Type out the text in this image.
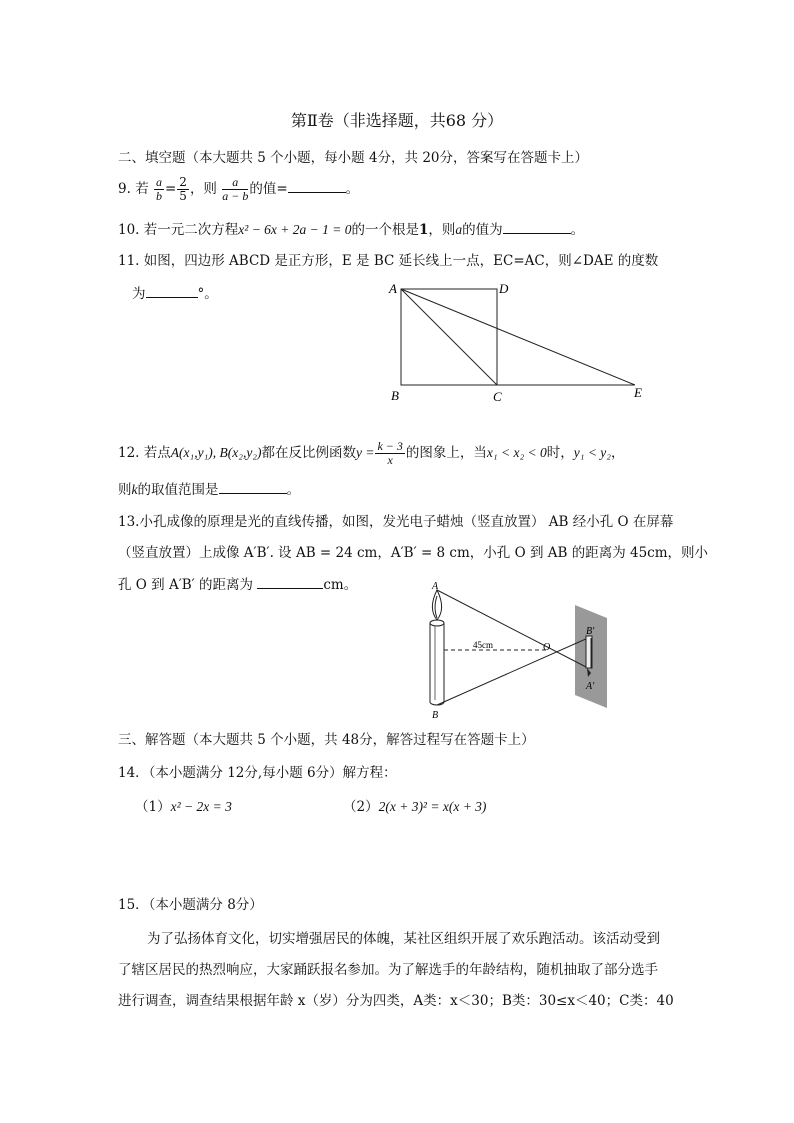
第Ⅱ卷（非选择题，共68 分）
二、填空题（本大题共 5 个小题，每小题 4分，共 20分，答案写在答题卡上）
9. 若 $\frac{a}{b} = \frac{2}{5}$ ，则 $\frac{a}{a - b}$ 的值=	。
10. 若一元二次方程x² − 6x + 2a − 1 = 0的一个根是1，则a的值为	。
11. 如图，四边形 ABCD 是正方形，E 是 BC 延长线上一点，EC=AC，则∠DAE 的度数
为	°。	A	D
B	C	E
12. 若点A(x₁,y₁), B(x₂,y₂)都在反比例函数$y = \frac{k - 3}{x}$ 的图象上，当x₁ < x₂ < 0时，y₁ < y₂，
则k的取值范围是	。
13.小孔成像的原理是光的直线传播，如图，发光电子蜡烛（竖直放置） AB 经小孔 O 在屏幕
（竖直放置）上成像 A′B′. 设 AB = 24 cm，A′B′ = 8 cm，小孔 O 到 AB 的距离为 45cm，则小
孔 O 到 A′B′ 的距离为	cm。	A
B
O
45cm
B′
A′
三、解答题（本大题共 5 个小题，共 48分，解答过程写在答题卡上）
14．（本小题满分 12分,每小题 6分）解方程：
（1）x² − 2x = 3	（2）2(x + 3)² = x(x + 3)
15．（本小题满分 8分）
为了弘扬体育文化，切实增强居民的体魄，某社区组织开展了欢乐跑活动。该活动受到
了辖区居民的热烈响应，大家踊跃报名参加。为了解选手的年龄结构，随机抽取了部分选手
进行调查，调查结果根据年龄 x（岁）分为四类，A类：x＜30；B类：30≤x＜40；C类：40
